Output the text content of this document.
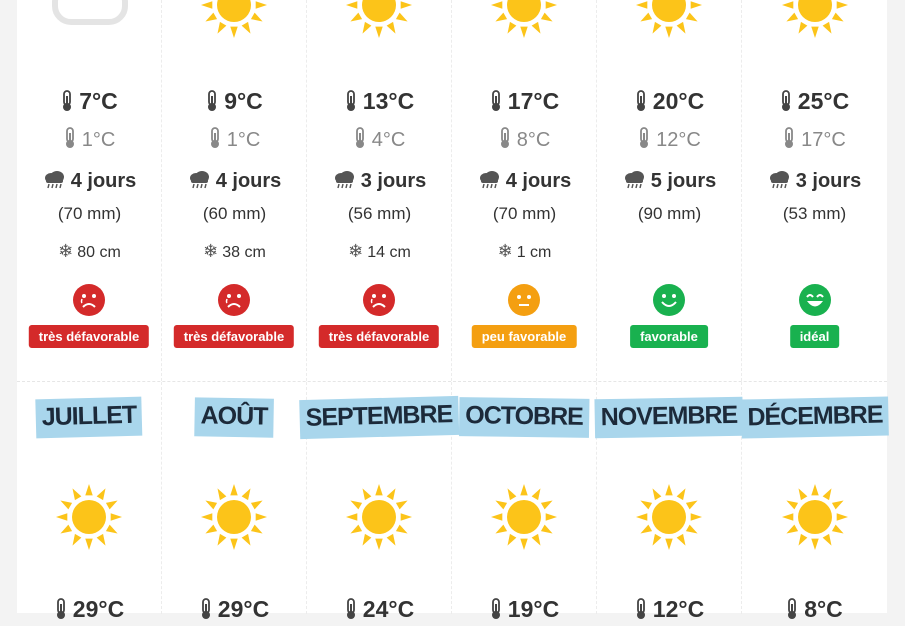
7°C
1°C
4 jours
(70 mm)
❄ 80 cm
très défavorable
9°C
1°C
4 jours
(60 mm)
❄ 38 cm
très défavorable
13°C
4°C
3 jours
(56 mm)
❄ 14 cm
très défavorable
17°C
8°C
4 jours
(70 mm)
❄ 1 cm
peu favorable
20°C
12°C
5 jours
(90 mm)
favorable
25°C
17°C
3 jours
(53 mm)
idéal
JUILLET
29°C
AOÛT
29°C
SEPTEMBRE
24°C
OCTOBRE
19°C
NOVEMBRE
12°C
DÉCEMBRE
8°C
